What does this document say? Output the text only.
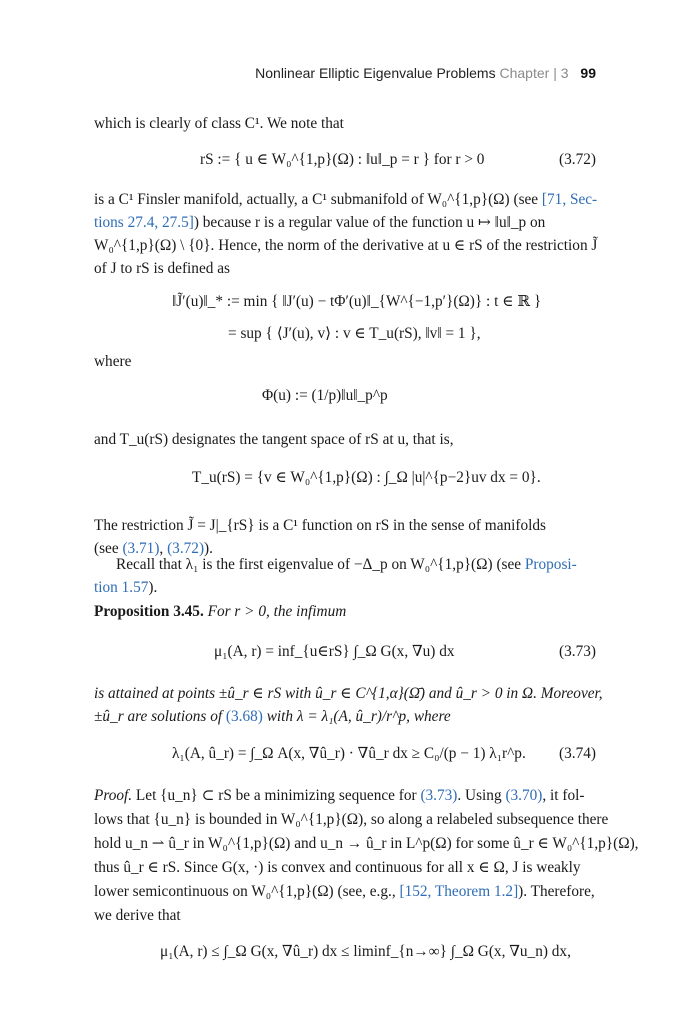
Nonlinear Elliptic Eigenvalue Problems Chapter | 3 99
which is clearly of class C¹. We note that
rS := { u ∈ W₀^{1,p}(Ω) : ‖u‖_p = r } for r > 0	(3.72)
is a C¹ Finsler manifold, actually, a C¹ submanifold of W₀^{1,p}(Ω) (see [71, Sec-
tions 27.4, 27.5]) because r is a regular value of the function u ↦ ‖u‖_p on
W₀^{1,p}(Ω) \ {0}. Hence, the norm of the derivative at u ∈ rS of the restriction J̃
of J to rS is defined as
‖J̃′(u)‖_* := min { ‖J′(u) − tΦ′(u)‖_{W^{−1,p′}(Ω)} : t ∈ ℝ }
= sup { ⟨J′(u), v⟩ : v ∈ T_u(rS), ‖v‖ = 1 },
where
Φ(u) := (1/p)‖u‖_p^p
and T_u(rS) designates the tangent space of rS at u, that is,
T_u(rS) = {v ∈ W₀^{1,p}(Ω) : ∫_Ω |u|^{p−2}uv dx = 0}.
The restriction J̃ = J|_{rS} is a C¹ function on rS in the sense of manifolds
(see (3.71), (3.72)).
Recall that λ₁ is the first eigenvalue of −Δ_p on W₀^{1,p}(Ω) (see Proposi-
tion 1.57).
Proposition 3.45. For r > 0, the infimum
μ₁(A, r) = inf_{u∈rS} ∫_Ω G(x, ∇u) dx	(3.73)
is attained at points ±û_r ∈ rS with û_r ∈ C^{1,α}(Ω̄) and û_r > 0 in Ω. Moreover,
±û_r are solutions of (3.68) with λ = λ₁(A, û_r)/r^p, where
λ₁(A, û_r) = ∫_Ω A(x, ∇û_r) · ∇û_r dx ≥ C₀/(p − 1) λ₁r^p. (3.74)
Proof. Let {u_n} ⊂ rS be a minimizing sequence for (3.73). Using (3.70), it fol-
lows that {u_n} is bounded in W₀^{1,p}(Ω), so along a relabeled subsequence there
hold u_n ⇀ û_r in W₀^{1,p}(Ω) and u_n → û_r in L^p(Ω) for some û_r ∈ W₀^{1,p}(Ω),
thus û_r ∈ rS. Since G(x, ·) is convex and continuous for all x ∈ Ω, J is weakly
lower semicontinuous on W₀^{1,p}(Ω) (see, e.g., [152, Theorem 1.2]). Therefore,
we derive that
μ₁(A, r) ≤ ∫_Ω G(x, ∇û_r) dx ≤ liminf_{n→∞} ∫_Ω G(x, ∇u_n) dx,
